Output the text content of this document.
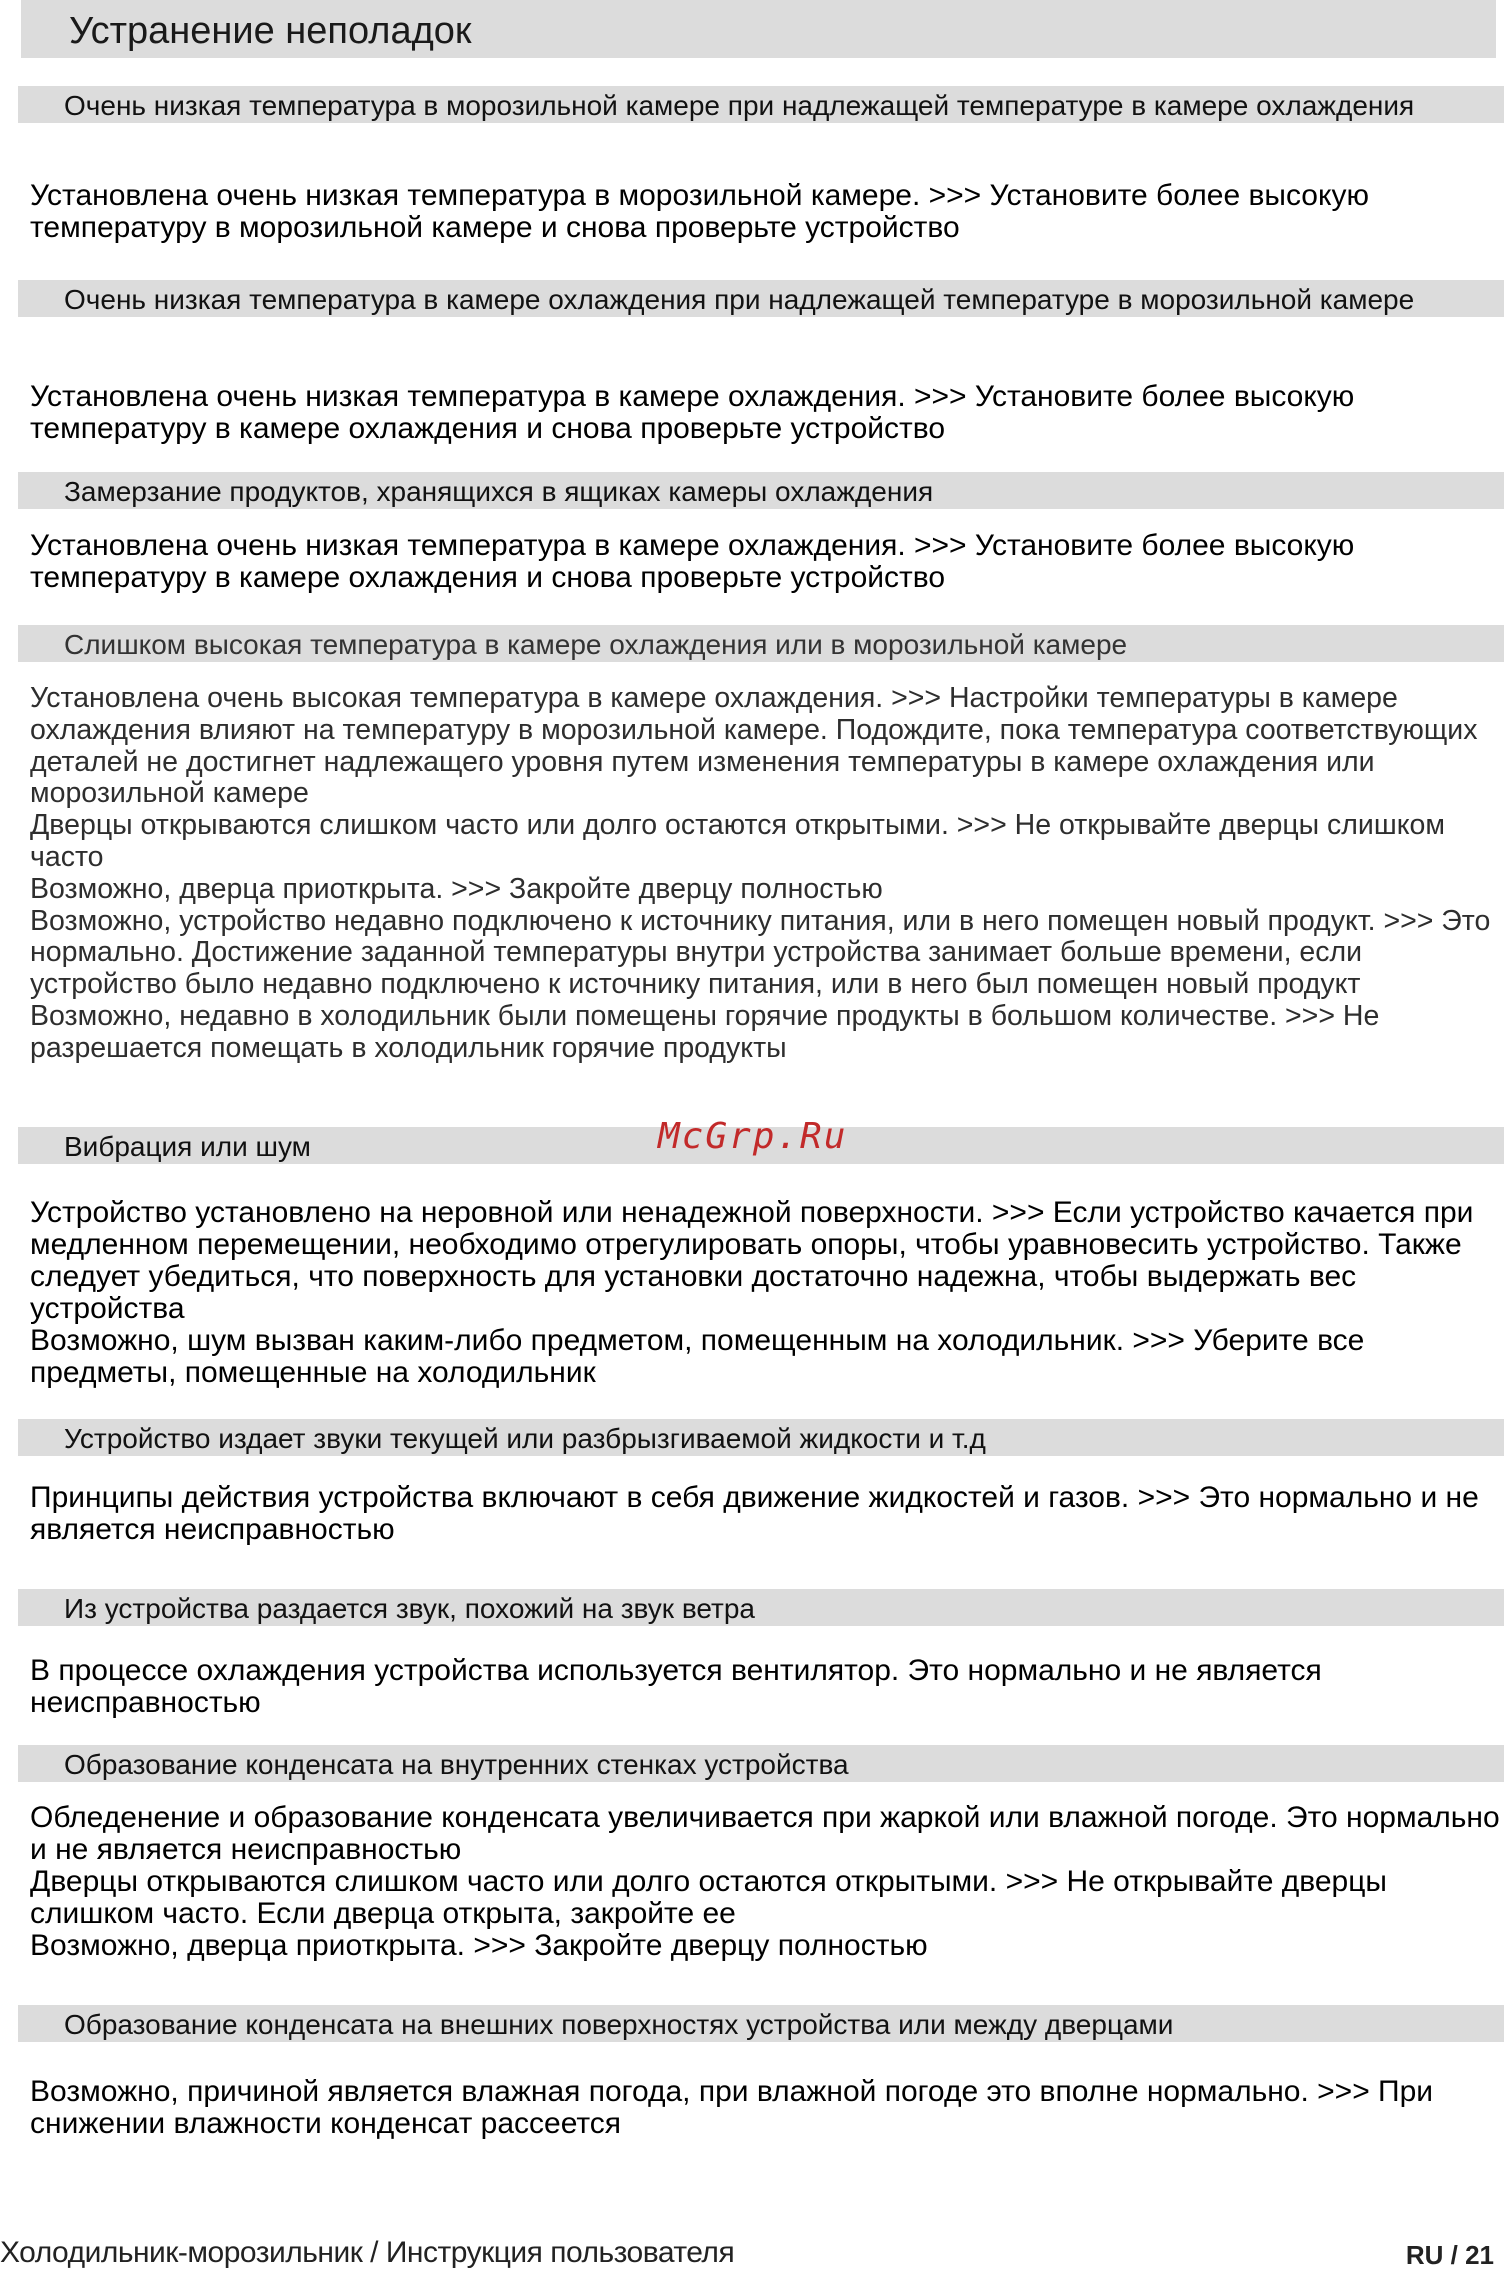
Устранение неполадок
Очень низкая температура в морозильной камере при надлежащей температуре в камере охлаждения
Установлена очень низкая температура в морозильной камере. >>> Установите более высокую температуру в морозильной камере и снова проверьте устройство
Очень низкая температура в камере охлаждения при надлежащей температуре в морозильной камере
Установлена очень низкая температура в камере охлаждения. >>> Установите более высокую температуру в камере охлаждения и снова проверьте устройство
Замерзание продуктов, хранящихся в ящиках камеры охлаждения
Установлена очень низкая температура в камере охлаждения. >>> Установите более высокую температуру в камере охлаждения и снова проверьте устройство
Слишком высокая температура в камере охлаждения или в морозильной камере
Установлена очень высокая температура в камере охлаждения. >>> Настройки температуры в камере охлаждения влияют на температуру в морозильной камере. Подождите, пока температура соответствующих деталей не достигнет надлежащего уровня путем изменения температуры в камере охлаждения или морозильной камере
Дверцы открываются слишком часто или долго остаются открытыми. >>> Не открывайте дверцы слишком часто
Возможно, дверца приоткрыта. >>> Закройте дверцу полностью
Возможно, устройство недавно подключено к источнику питания, или в него помещен новый продукт. >>> Это нормально. Достижение заданной температуры внутри устройства занимает больше времени, если устройство было недавно подключено к источнику питания, или в него был помещен новый продукт
Возможно, недавно в холодильник были помещены горячие продукты в большом количестве. >>> Не разрешается помещать в холодильник горячие продукты
Вибрация или шум
Устройство установлено на неровной или ненадежной поверхности. >>> Если устройство качается при медленном перемещении, необходимо отрегулировать опоры, чтобы уравновесить устройство. Также следует убедиться, что поверхность для установки достаточно надежна, чтобы выдержать вес устройства
Возможно, шум вызван каким-либо предметом, помещенным на холодильник. >>> Уберите все предметы, помещенные на холодильник
Устройство издает звуки текущей или разбрызгиваемой жидкости и т.д
Принципы действия устройства включают в себя движение жидкостей и газов. >>> Это нормально и не является неисправностью
Из устройства раздается звук, похожий на звук ветра
В процессе охлаждения устройства используется вентилятор. Это нормально и не является неисправностью
Образование конденсата на внутренних стенках устройства
Обледенение и образование конденсата увеличивается при жаркой или влажной погоде. Это нормально и не является неисправностью
Дверцы открываются слишком часто или долго остаются открытыми. >>> Не открывайте дверцы слишком часто. Если дверца открыта, закройте ее
Возможно, дверца приоткрыта. >>> Закройте дверцу полностью
Образование конденсата на внешних поверхностях устройства или между дверцами
Возможно, причиной является влажная погода, при влажной погоде это вполне нормально. >>> При снижении влажности конденсат рассеется
McGrp.Ru
Холодильник-морозильник / Инструкция пользователя	RU / 21
